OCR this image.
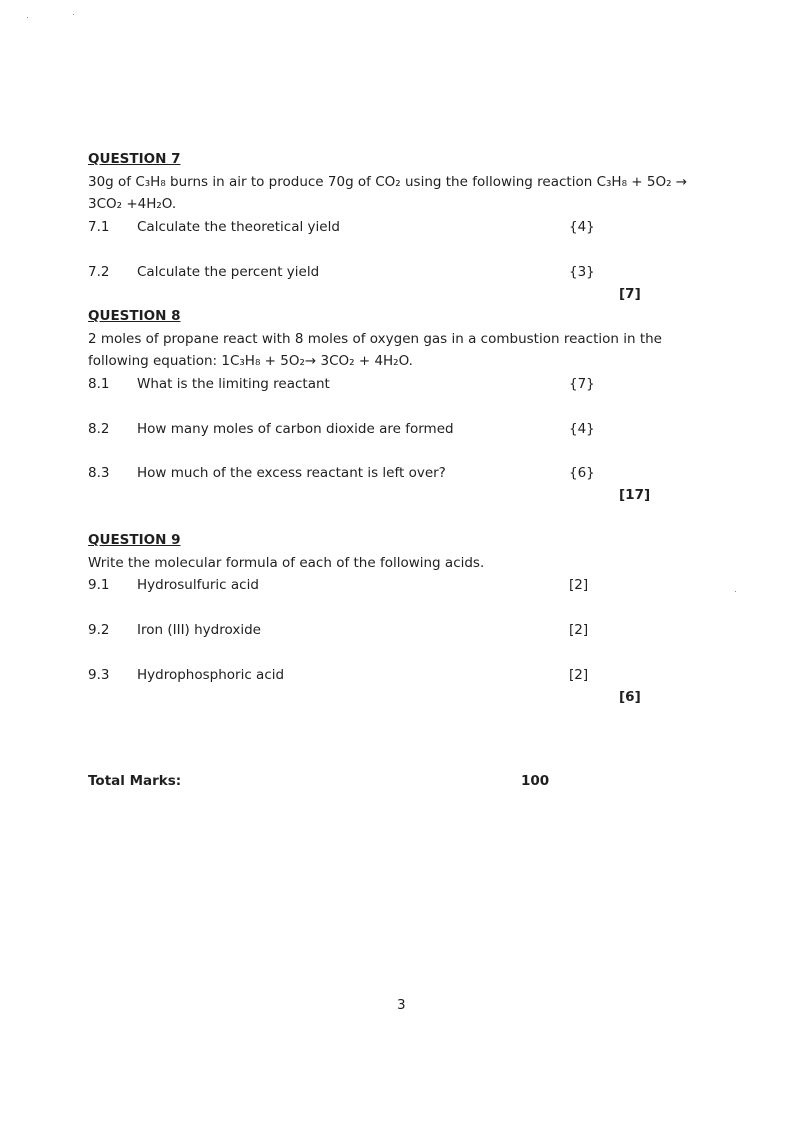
QUESTION 7
30g of C₃H₈ burns in air to produce 70g of CO₂ using the following reaction C₃H₈ + 5O₂ →
3CO₂ +4H₂O.
7.1 Calculate the theoretical yield	{4}
7.2 Calculate the percent yield	{3}
[7]
QUESTION 8
2 moles of propane react with 8 moles of oxygen gas in a combustion reaction in the
following equation: 1C₃H₈ + 5O₂→ 3CO₂ + 4H₂O.
8.1 What is the limiting reactant	{7}
8.2 How many moles of carbon dioxide are formed	{4}
8.3 How much of the excess reactant is left over?	{6}
[17]
QUESTION 9
Write the molecular formula of each of the following acids.
9.1 Hydrosulfuric acid	[2]
9.2 Iron (III) hydroxide	[2]
9.3 Hydrophosphoric acid	[2]
[6]
Total Marks:	100
3
